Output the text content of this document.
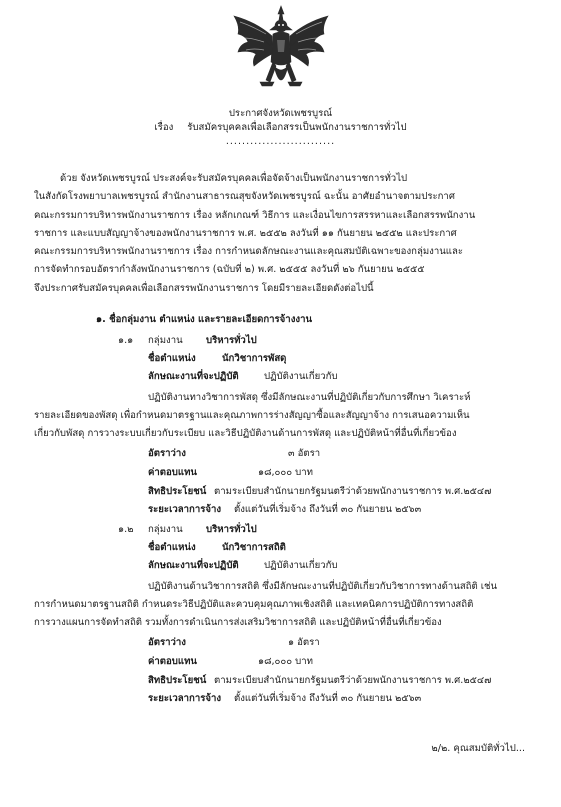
ประกาศจังหวัดเพชรบูรณ์
เรื่อง รับสมัครบุคคลเพื่อเลือกสรรเป็นพนักงานราชการทั่วไป
...........................
ด้วย จังหวัดเพชรบูรณ์ ประสงค์จะรับสมัครบุคคลเพื่อจัดจ้างเป็นพนักงานราชการทั่วไป
ในสังกัดโรงพยาบาลเพชรบูรณ์ สำนักงานสาธารณสุขจังหวัดเพชรบูรณ์ ฉะนั้น อาศัยอำนาจตามประกาศ
คณะกรรมการบริหารพนักงานราชการ เรื่อง หลักเกณฑ์ วิธีการ และเงื่อนไขการสรรหาและเลือกสรรพนักงาน
ราชการ และแบบสัญญาจ้างของพนักงานราชการ พ.ศ. ๒๕๕๒ ลงวันที่ ๑๑ กันยายน ๒๕๕๒ และประกาศ
คณะกรรมการบริหารพนักงานราชการ เรื่อง การกำหนดลักษณะงานและคุณสมบัติเฉพาะของกลุ่มงานและ
การจัดทำกรอบอัตรากำลังพนักงานราชการ (ฉบับที่ ๒) พ.ศ. ๒๕๕๕ ลงวันที่ ๒๖ กันยายน ๒๕๕๕
จึงประกาศรับสมัครบุคคลเพื่อเลือกสรรพนักงานราชการ โดยมีรายละเอียดดังต่อไปนี้
๑. ชื่อกลุ่มงาน ตำแหน่ง และรายละเอียดการจ้างงาน
๑.๑ กลุ่มงาน บริหารทั่วไป
ชื่อตำแหน่ง	นักวิชาการพัสดุ
ลักษณะงานที่จะปฏิบัติ	ปฏิบัติงานเกี่ยวกับ
ปฏิบัติงานทางวิชาการพัสดุ ซึ่งมีลักษณะงานที่ปฏิบัติเกี่ยวกับการศึกษา วิเคราะห์
รายละเอียดของพัสดุ เพื่อกำหนดมาตรฐานและคุณภาพการร่างสัญญาซื้อและสัญญาจ้าง การเสนอความเห็น
เกี่ยวกับพัสดุ การวางระบบเกี่ยวกับระเบียบ และวิธีปฏิบัติงานด้านการพัสดุ และปฏิบัติหน้าที่อื่นที่เกี่ยวข้อง
อัตราว่าง	๓ อัตรา
ค่าตอบแทน	๑๘,๐๐๐ บาท
สิทธิประโยชน์ ตามระเบียบสำนักนายกรัฐมนตรีว่าด้วยพนักงานราชการ พ.ศ.๒๕๔๗
ระยะเวลาการจ้าง ตั้งแต่วันที่เริ่มจ้าง ถึงวันที่ ๓๐ กันยายน ๒๕๖๓
๑.๒ กลุ่มงาน บริหารทั่วไป
ชื่อตำแหน่ง	นักวิชาการสถิติ
ลักษณะงานที่จะปฏิบัติ	ปฏิบัติงานเกี่ยวกับ
ปฏิบัติงานด้านวิชาการสถิติ ซึ่งมีลักษณะงานที่ปฏิบัติเกี่ยวกับวิชาการทางด้านสถิติ เช่น
การกำหนดมาตรฐานสถิติ กำหนดระวิธีปฏิบัติและควบคุมคุณภาพเชิงสถิติ และเทคนิคการปฏิบัติการทางสถิติ
การวางแผนการจัดทำสถิติ รวมทั้งการดำเนินการส่งเสริมวิชาการสถิติ และปฏิบัติหน้าที่อื่นที่เกี่ยวข้อง
อัตราว่าง	๑ อัตรา
ค่าตอบแทน	๑๘,๐๐๐ บาท
สิทธิประโยชน์ ตามระเบียบสำนักนายกรัฐมนตรีว่าด้วยพนักงานราชการ พ.ศ.๒๕๔๗
ระยะเวลาการจ้าง ตั้งแต่วันที่เริ่มจ้าง ถึงวันที่ ๓๐ กันยายน ๒๕๖๓
๒/๒. คุณสมบัติทั่วไป...
